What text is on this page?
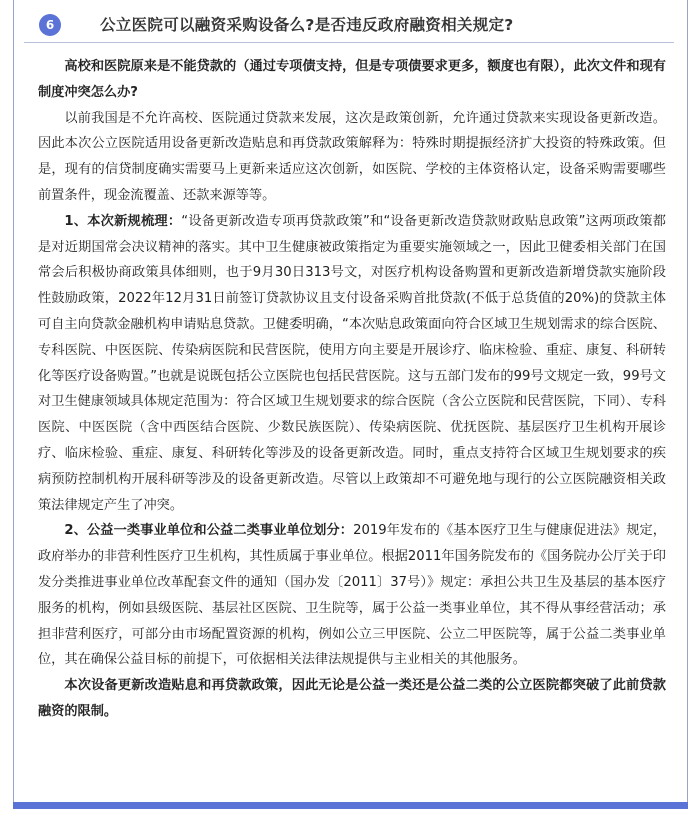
6	公立医院可以融资采购设备么?是否违反政府融资相关规定?

高校和医院原来是不能贷款的（通过专项债支持，但是专项债要求更多，额度也有限），此次文件和现有制度冲突怎么办?

以前我国是不允许高校、医院通过贷款来发展，这次是政策创新，允许通过贷款来实现设备更新改造。因此本次公立医院适用设备更新改造贴息和再贷款政策解释为：特殊时期提振经济扩大投资的特殊政策。但是，现有的信贷制度确实需要马上更新来适应这次创新，如医院、学校的主体资格认定，设备采购需要哪些前置条件，现金流覆盖、还款来源等等。

1、本次新规梳理：“设备更新改造专项再贷款政策”和“设备更新改造贷款财政贴息政策”这两项政策都是对近期国常会决议精神的落实。其中卫生健康被政策指定为重要实施领域之一，因此卫健委相关部门在国常会后积极协商政策具体细则，也于9月30日313号文，对医疗机构设备购置和更新改造新增贷款实施阶段性鼓励政策，2022年12月31日前签订贷款协议且支付设备采购首批贷款(不低于总货值的20%)的贷款主体可自主向贷款金融机构申请贴息贷款。卫健委明确，“本次贴息政策面向符合区域卫生规划需求的综合医院、专科医院、中医医院、传染病医院和民营医院，使用方向主要是开展诊疗、临床检验、重症、康复、科研转化等医疗设备购置。”也就是说既包括公立医院也包括民营医院。这与五部门发布的99号文规定一致，99号文对卫生健康领域具体规定范围为：符合区域卫生规划要求的综合医院（含公立医院和民营医院，下同）、专科医院、中医医院（含中西医结合医院、少数民族医院）、传染病医院、优抚医院、基层医疗卫生机构开展诊疗、临床检验、重症、康复、科研转化等涉及的设备更新改造。同时，重点支持符合区域卫生规划要求的疾病预防控制机构开展科研等涉及的设备更新改造。尽管以上政策却不可避免地与现行的公立医院融资相关政策法律规定产生了冲突。

2、公益一类事业单位和公益二类事业单位划分：2019年发布的《基本医疗卫生与健康促进法》规定，政府举办的非营利性医疗卫生机构，其性质属于事业单位。根据2011年国务院发布的《国务院办公厅关于印发分类推进事业单位改革配套文件的通知（国办发〔2011〕37号）》规定：承担公共卫生及基层的基本医疗服务的机构，例如县级医院、基层社区医院、卫生院等，属于公益一类事业单位，其不得从事经营活动；承担非营利医疗，可部分由市场配置资源的机构，例如公立三甲医院、公立二甲医院等，属于公益二类事业单位，其在确保公益目标的前提下，可依据相关法律法规提供与主业相关的其他服务。

本次设备更新改造贴息和再贷款政策，因此无论是公益一类还是公益二类的公立医院都突破了此前贷款融资的限制。
